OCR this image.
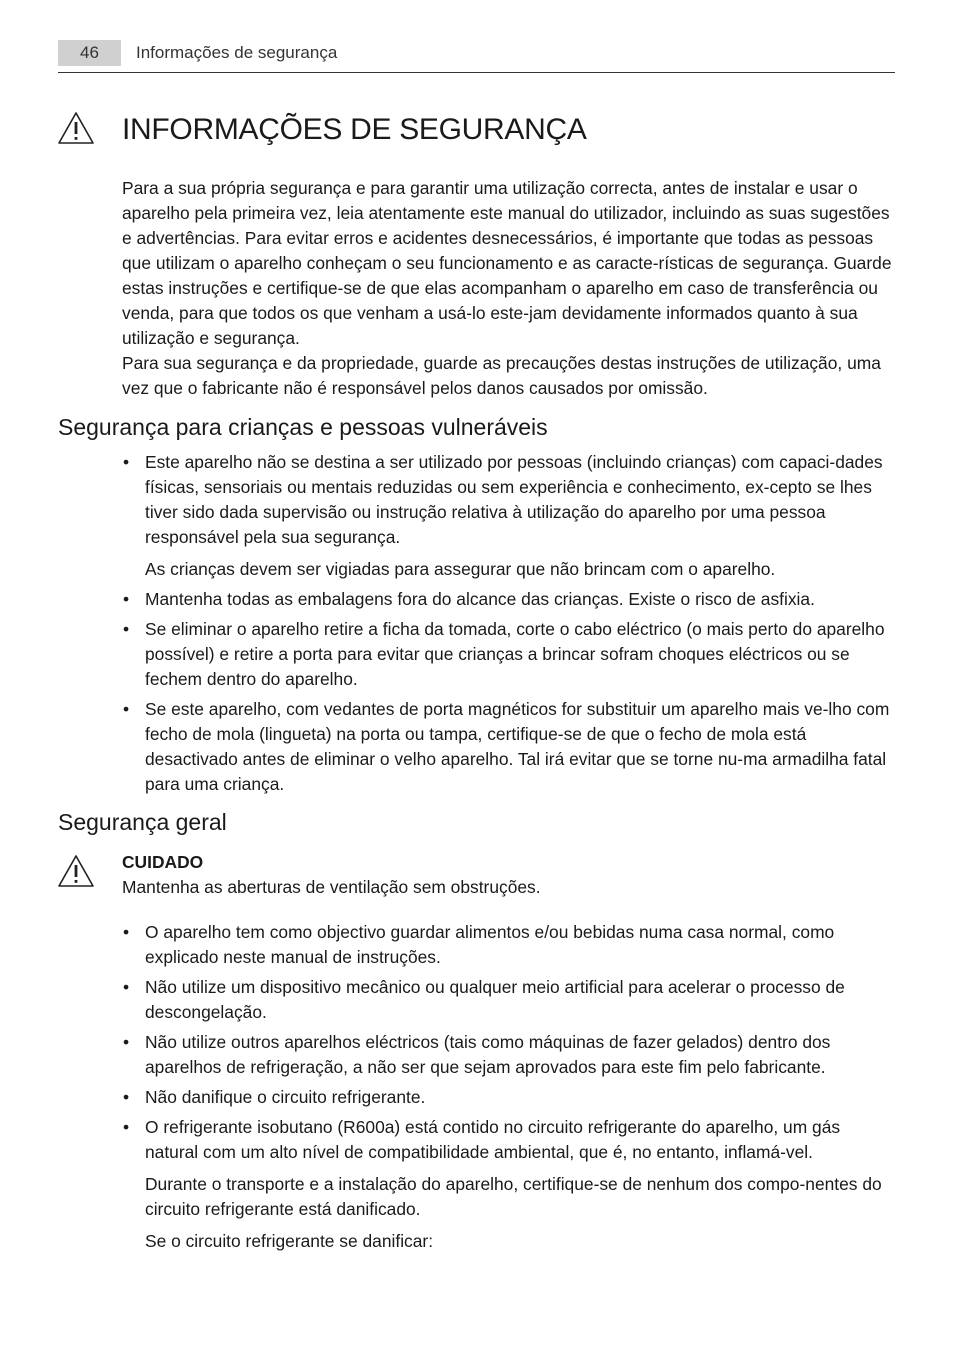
46	Informações de segurança
INFORMAÇÕES DE SEGURANÇA

Para a sua própria segurança e para garantir uma utilização correcta, antes de instalar e usar o aparelho pela primeira vez, leia atentamente este manual do utilizador, incluindo as suas sugestões e advertências. Para evitar erros e acidentes desnecessários, é importante que todas as pessoas que utilizam o aparelho conheçam o seu funcionamento e as caracte-rísticas de segurança. Guarde estas instruções e certifique-se de que elas acompanham o aparelho em caso de transferência ou venda, para que todos os que venham a usá-lo este-jam devidamente informados quanto à sua utilização e segurança.

Para sua segurança e da propriedade, guarde as precauções destas instruções de utilização, uma vez que o fabricante não é responsável pelos danos causados por omissão.

Segurança para crianças e pessoas vulneráveis
• Este aparelho não se destina a ser utilizado por pessoas (incluindo crianças) com capaci-dades físicas, sensoriais ou mentais reduzidas ou sem experiência e conhecimento, ex-cepto se lhes tiver sido dada supervisão ou instrução relativa à utilização do aparelho por uma pessoa responsável pela sua segurança.

As crianças devem ser vigiadas para assegurar que não brincam com o aparelho.

• Mantenha todas as embalagens fora do alcance das crianças. Existe o risco de asfixia.

• Se eliminar o aparelho retire a ficha da tomada, corte o cabo eléctrico (o mais perto do aparelho possível) e retire a porta para evitar que crianças a brincar sofram choques eléctricos ou se fechem dentro do aparelho.

• Se este aparelho, com vedantes de porta magnéticos for substituir um aparelho mais ve-lho com fecho de mola (lingueta) na porta ou tampa, certifique-se de que o fecho de mola está desactivado antes de eliminar o velho aparelho. Tal irá evitar que se torne nu-ma armadilha fatal para uma criança.

Segurança geral
CUIDADO
Mantenha as aberturas de ventilação sem obstruções.
• O aparelho tem como objectivo guardar alimentos e/ou bebidas numa casa normal, como explicado neste manual de instruções.

• Não utilize um dispositivo mecânico ou qualquer meio artificial para acelerar o processo de descongelação.

• Não utilize outros aparelhos eléctricos (tais como máquinas de fazer gelados) dentro dos aparelhos de refrigeração, a não ser que sejam aprovados para este fim pelo fabricante.

• Não danifique o circuito refrigerante.

• O refrigerante isobutano (R600a) está contido no circuito refrigerante do aparelho, um gás natural com um alto nível de compatibilidade ambiental, que é, no entanto, inflamá-vel.

Durante o transporte e a instalação do aparelho, certifique-se de nenhum dos compo-nentes do circuito refrigerante está danificado.

Se o circuito refrigerante se danificar:
